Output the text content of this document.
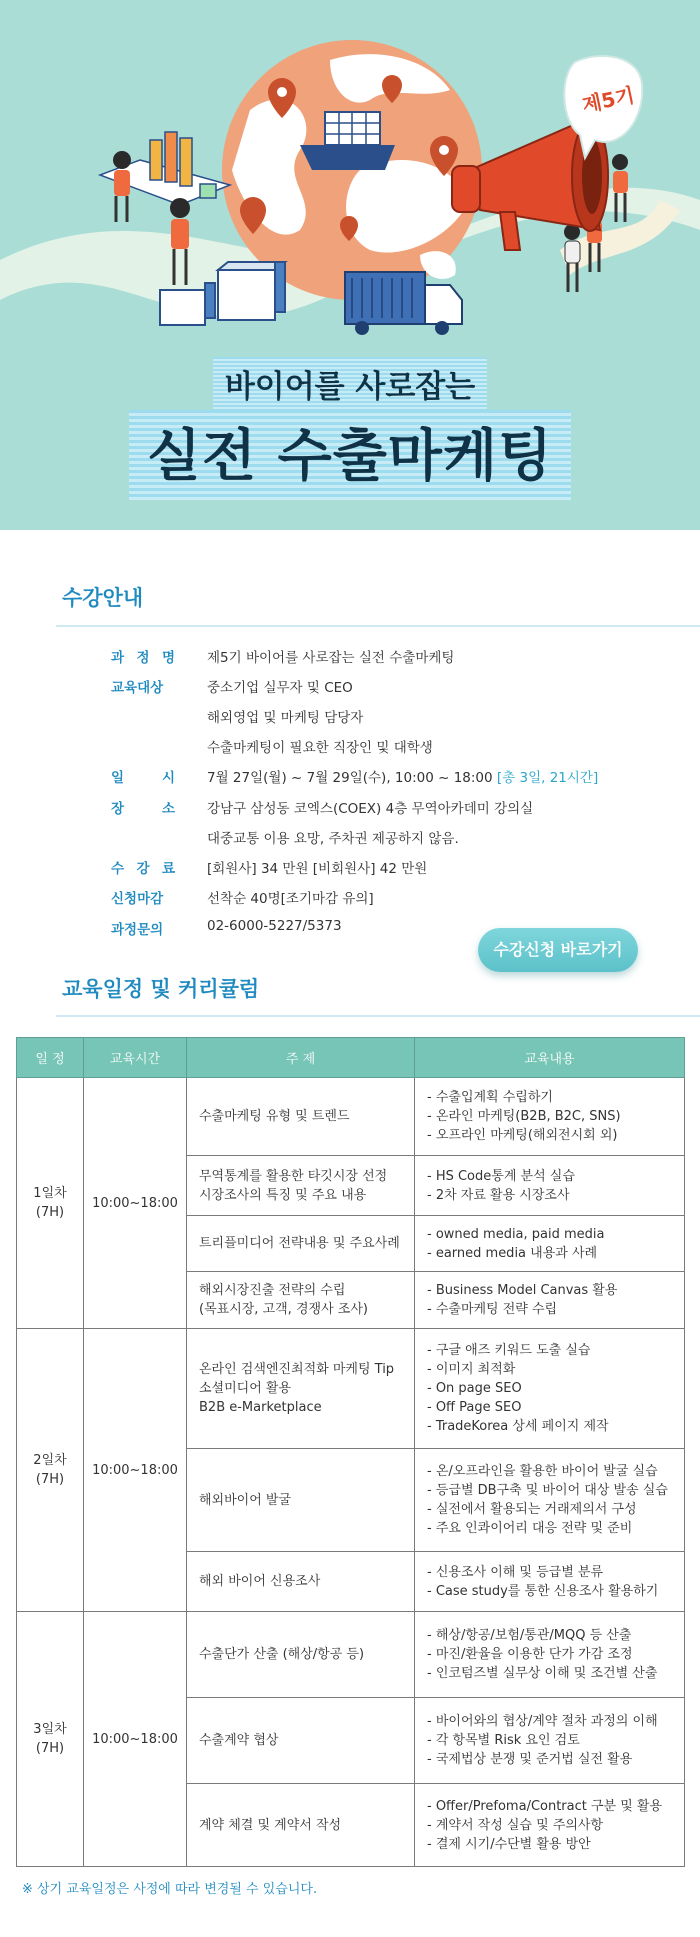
제5기
바이어를 사로잡는
실전 수출마케팅
수강안내
과 정 명 제5기 바이어를 사로잡는 실전 수출마케팅
교육대상	중소기업 실무자 및 CEO
해외영업 및 마케팅 담당자
수출마케팅이 필요한 직장인 및 대학생
일 시 7월 27일(월) ~ 7월 29일(수), 10:00 ~ 18:00 [총 3일, 21시간]
장 소 강남구 삼성동 코엑스(COEX) 4층 무역아카데미 강의실
대중교통 이용 요망, 주차권 제공하지 않음.
수 강 료 [회원사] 34 만원 [비회원사] 42 만원
신청마감	선착순 40명[조기마감 유의]
과정문의	02-6000-5227/5373
수강신청 바로가기
교육일정 및 커리큘럼
일 정	교육시간	주 제	교육내용

1일차
(7H)	10:00~18:00	수출마케팅 유형 및 트렌드	- 수출입계획 수립하기
- 온라인 마케팅(B2B, B2C, SNS)
- 오프라인 마케팅(해외전시회 외)

		무역통계를 활용한 타깃시장 선정
시장조사의 특징 및 주요 내용	- HS Code통계 분석 실습
- 2차 자료 활용 시장조사

		트리플미디어 전략내용 및 주요사례	- owned media, paid media
- earned media 내용과 사례

		해외시장진출 전략의 수립
(목표시장, 고객, 경쟁사 조사)	- Business Model Canvas 활용
- 수출마케팅 전략 수립

2일차
(7H)	10:00~18:00	온라인 검색엔진최적화 마케팅 Tip
소셜미디어 활용
B2B e-Marketplace	- 구글 애즈 키워드 도출 실습
- 이미지 최적화
- On page SEO
- Off Page SEO
- TradeKorea 상세 페이지 제작

		해외바이어 발굴	- 온/오프라인을 활용한 바이어 발굴 실습
- 등급별 DB구축 및 바이어 대상 발송 실습
- 실전에서 활용되는 거래제의서 구성
- 주요 인콰이어리 대응 전략 및 준비

		해외 바이어 신용조사	- 신용조사 이해 및 등급별 분류
- Case study를 통한 신용조사 활용하기

3일차
(7H)	10:00~18:00	수출단가 산출 (해상/항공 등)	- 해상/항공/보험/통관/MQQ 등 산출
- 마진/환율을 이용한 단가 가감 조정
- 인코텀즈별 실무상 이해 및 조건별 산출

		수출계약 협상	- 바이어와의 협상/계약 절차 과정의 이해
- 각 항목별 Risk 요인 검토
- 국제법상 분쟁 및 준거법 실전 활용

		계약 체결 및 계약서 작성	- Offer/Prefoma/Contract 구분 및 활용
- 계약서 작성 실습 및 주의사항
- 결제 시기/수단별 활용 방안
※ 상기 교육일정은 사정에 따라 변경될 수 있습니다.
